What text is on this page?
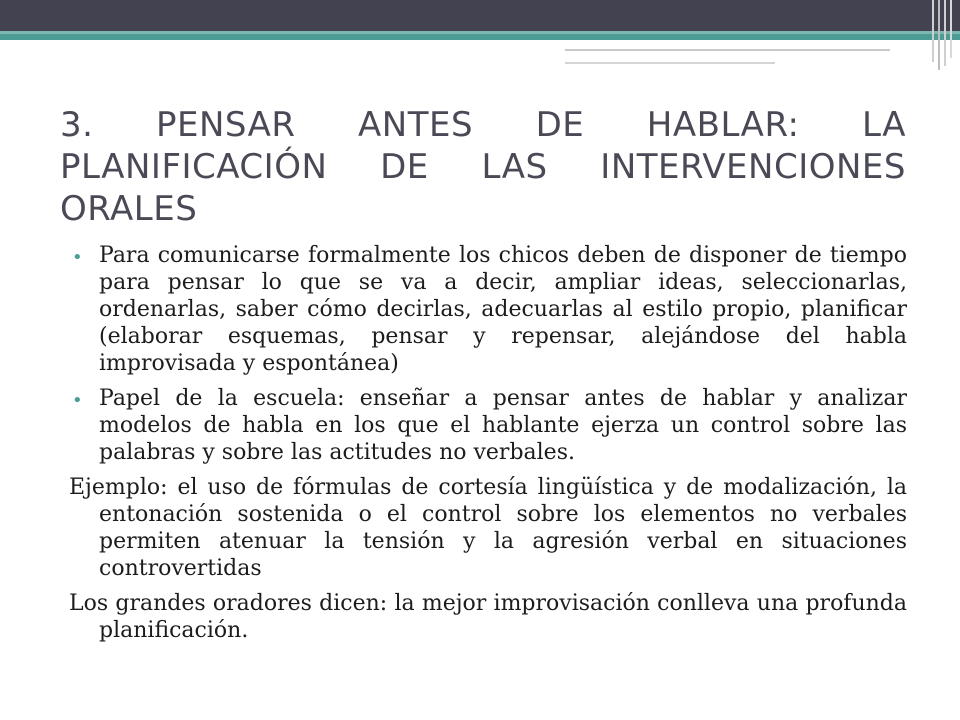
3. PENSAR ANTES DE HABLAR: LA PLANIFICACIÓN DE LAS INTERVENCIONES ORALES
• Para comunicarse formalmente los chicos deben de disponer de tiempo para pensar lo que se va a decir, ampliar ideas, seleccionarlas, ordenarlas, saber cómo decirlas, adecuarlas al estilo propio, planificar (elaborar esquemas, pensar y repensar, alejándose del habla improvisada y espontánea)
• Papel de la escuela: enseñar a pensar antes de hablar y analizar modelos de habla en los que el hablante ejerza un control sobre las palabras y sobre las actitudes no verbales.

Ejemplo: el uso de fórmulas de cortesía lingüística y de modalización, la entonación sostenida o el control sobre los elementos no verbales permiten atenuar la tensión y la agresión verbal en situaciones controvertidas

Los grandes oradores dicen: la mejor improvisación conlleva una profunda planificación.
